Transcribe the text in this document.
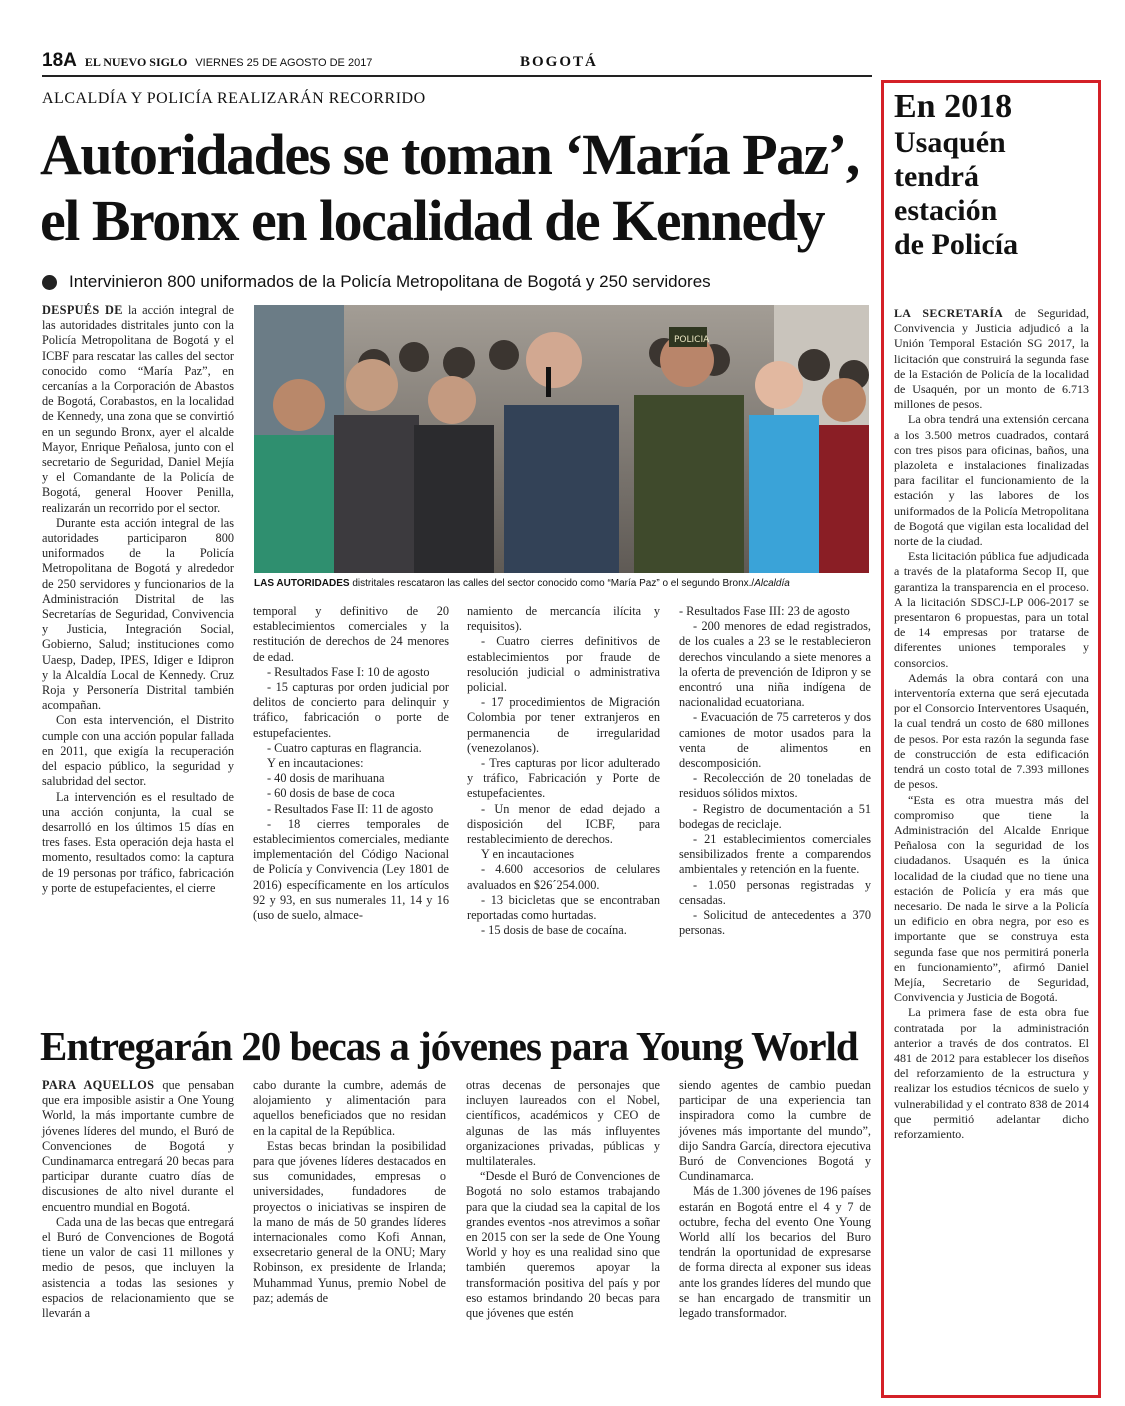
18A EL NUEVO SIGLO VIERNES 25 DE AGOSTO DE 2017	BOGOTÁ
ALCALDÍA Y POLICÍA REALIZARÁN RECORRIDO
Autoridades se toman ‘María Paz’, el Bronx en localidad de Kennedy
Intervinieron 800 uniformados de la Policía Metropolitana de Bogotá y 250 servidores

DESPUÉS DE la acción integral de las autoridades distritales junto con la Policía Metropolitana de Bogotá y el ICBF para rescatar las calles del sector conocido como “María Paz”, en cercanías a la Corporación de Abastos de Bogotá, Corabastos, en la localidad de Kennedy, una zona que se convirtió en un segundo Bronx, ayer el alcalde Mayor, Enrique Peñalosa, junto con el secretario de Seguridad, Daniel Mejía y el Comandante de la Policía de Bogotá, general Hoover Penilla, realizarán un recorrido por el sector.

Durante esta acción integral de las autoridades participaron 800 uniformados de la Policía Metropolitana de Bogotá y alrededor de 250 servidores y funcionarios de la Administración Distrital de las Secretarías de Seguridad, Convivencia y Justicia, Integración Social, Gobierno, Salud; instituciones como Uaesp, Dadep, IPES, Idiger e Idipron y la Alcaldía Local de Kennedy. Cruz Roja y Personería Distrital también acompañan.

Con esta intervención, el Distrito cumple con una acción popular fallada en 2011, que exigía la recuperación del espacio público, la seguridad y salubridad del sector.

La intervención es el resultado de una acción conjunta, la cual se desarrolló en los últimos 15 días en tres fases. Esta operación deja hasta el momento, resultados como: la captura de 19 personas por tráfico, fabricación y porte de estupefacientes, el cierre

POLICIA
LAS AUTORIDADES distritales rescataron las calles del sector conocido como “María Paz” o el segundo Bronx./Alcaldía

temporal y definitivo de 20 establecimientos comerciales y la restitución de derechos de 24 menores de edad.

- Resultados Fase I: 10 de agosto

- 15 capturas por orden judicial por delitos de concierto para delinquir y tráfico, fabricación o porte de estupefacientes.

- Cuatro capturas en flagrancia.

Y en incautaciones:

- 40 dosis de marihuana

- 60 dosis de base de coca

- Resultados Fase II: 11 de agosto

- 18 cierres temporales de establecimientos comerciales, mediante implementación del Código Nacional de Policía y Convivencia (Ley 1801 de 2016) específicamente en los artículos 92 y 93, en sus numerales 11, 14 y 16 (uso de suelo, almace-

namiento de mercancía ilícita y requisitos).

- Cuatro cierres definitivos de establecimientos por fraude de resolución judicial o administrativa policial.

- 17 procedimientos de Migración Colombia por tener extranjeros en permanencia de irregularidad (venezolanos).

- Tres capturas por licor adulterado y tráfico, Fabricación y Porte de estupefacientes.

- Un menor de edad dejado a disposición del ICBF, para restablecimiento de derechos.

Y en incautaciones

- 4.600 accesorios de celulares avaluados en $26´254.000.

- 13 bicicletas que se encontraban reportadas como hurtadas.

- 15 dosis de base de cocaína.

- Resultados Fase III: 23 de agosto

- 200 menores de edad registrados, de los cuales a 23 se le restablecieron derechos vinculando a siete menores a la oferta de prevención de Idipron y se encontró una niña indígena de nacionalidad ecuatoriana.

- Evacuación de 75 carreteros y dos camiones de motor usados para la venta de alimentos en descomposición.

- Recolección de 20 toneladas de residuos sólidos mixtos.

- Registro de documentación a 51 bodegas de reciclaje.

- 21 establecimientos comerciales sensibilizados frente a comparendos ambientales y retención en la fuente.

- 1.050 personas registradas y censadas.

- Solicitud de antecedentes a 370 personas.

Entregarán 20 becas a jóvenes para Young World

PARA AQUELLOS que pensaban que era imposible asistir a One Young World, la más importante cumbre de jóvenes líderes del mundo, el Buró de Convenciones de Bogotá y Cundinamarca entregará 20 becas para participar durante cuatro días de discusiones de alto nivel durante el encuentro mundial en Bogotá.

Cada una de las becas que entregará el Buró de Convenciones de Bogotá tiene un valor de casi 11 millones y medio de pesos, que incluyen la asistencia a todas las sesiones y espacios de relacionamiento que se llevarán a

cabo durante la cumbre, además de alojamiento y alimentación para aquellos beneficiados que no residan en la capital de la República.

Estas becas brindan la posibilidad para que jóvenes líderes destacados en sus comunidades, empresas o universidades, fundadores de proyectos o iniciativas se inspiren de la mano de más de 50 grandes líderes internacionales como Kofi Annan, exsecretario general de la ONU; Mary Robinson, ex presidente de Irlanda; Muhammad Yunus, premio Nobel de paz; además de

otras decenas de personajes que incluyen laureados con el Nobel, científicos, académicos y CEO de algunas de las más influyentes organizaciones privadas, públicas y multilaterales.

“Desde el Buró de Convenciones de Bogotá no solo estamos trabajando para que la ciudad sea la capital de los grandes eventos -nos atrevimos a soñar en 2015 con ser la sede de One Young World y hoy es una realidad sino que también queremos apoyar la transformación positiva del país y por eso estamos brindando 20 becas para que jóvenes que estén

siendo agentes de cambio puedan participar de una experiencia tan inspiradora como la cumbre de jóvenes más importante del mundo”, dijo Sandra García, directora ejecutiva Buró de Convenciones Bogotá y Cundinamarca.

Más de 1.300 jóvenes de 196 países estarán en Bogotá entre el 4 y 7 de octubre, fecha del evento One Young World allí los becarios del Buro tendrán la oportunidad de expresarse de forma directa al exponer sus ideas ante los grandes líderes del mundo que se han encargado de transmitir un legado transformador.

En 2018
Usaquén
tendrá
estación
de Policía

LA SECRETARÍA de Seguridad, Convivencia y Justicia adjudicó a la Unión Temporal Estación SG 2017, la licitación que construirá la segunda fase de la Estación de Policía de la localidad de Usaquén, por un monto de 6.713 millones de pesos.

La obra tendrá una extensión cercana a los 3.500 metros cuadrados, contará con tres pisos para oficinas, baños, una plazoleta e instalaciones finalizadas para facilitar el funcionamiento de la estación y las labores de los uniformados de la Policía Metropolitana de Bogotá que vigilan esta localidad del norte de la ciudad.

Esta licitación pública fue adjudicada a través de la plataforma Secop II, que garantiza la transparencia en el proceso. A la licitación SDSCJ-LP 006-2017 se presentaron 6 propuestas, para un total de 14 empresas por tratarse de diferentes uniones temporales y consorcios.

Además la obra contará con una interventoría externa que será ejecutada por el Consorcio Interventores Usaquén, la cual tendrá un costo de 680 millones de pesos. Por esta razón la segunda fase de construcción de esta edificación tendrá un costo total de 7.393 millones de pesos.

“Esta es otra muestra más del compromiso que tiene la Administración del Alcalde Enrique Peñalosa con la seguridad de los ciudadanos. Usaquén es la única localidad de la ciudad que no tiene una estación de Policía y era más que necesario. De nada le sirve a la Policía un edificio en obra negra, por eso es importante que se construya esta segunda fase que nos permitirá ponerla en funcionamiento”, afirmó Daniel Mejía, Secretario de Seguridad, Convivencia y Justicia de Bogotá.

La primera fase de esta obra fue contratada por la administración anterior a través de dos contratos. El 481 de 2012 para establecer los diseños del reforzamiento de la estructura y realizar los estudios técnicos de suelo y vulnerabilidad y el contrato 838 de 2014 que permitió adelantar dicho reforzamiento.
